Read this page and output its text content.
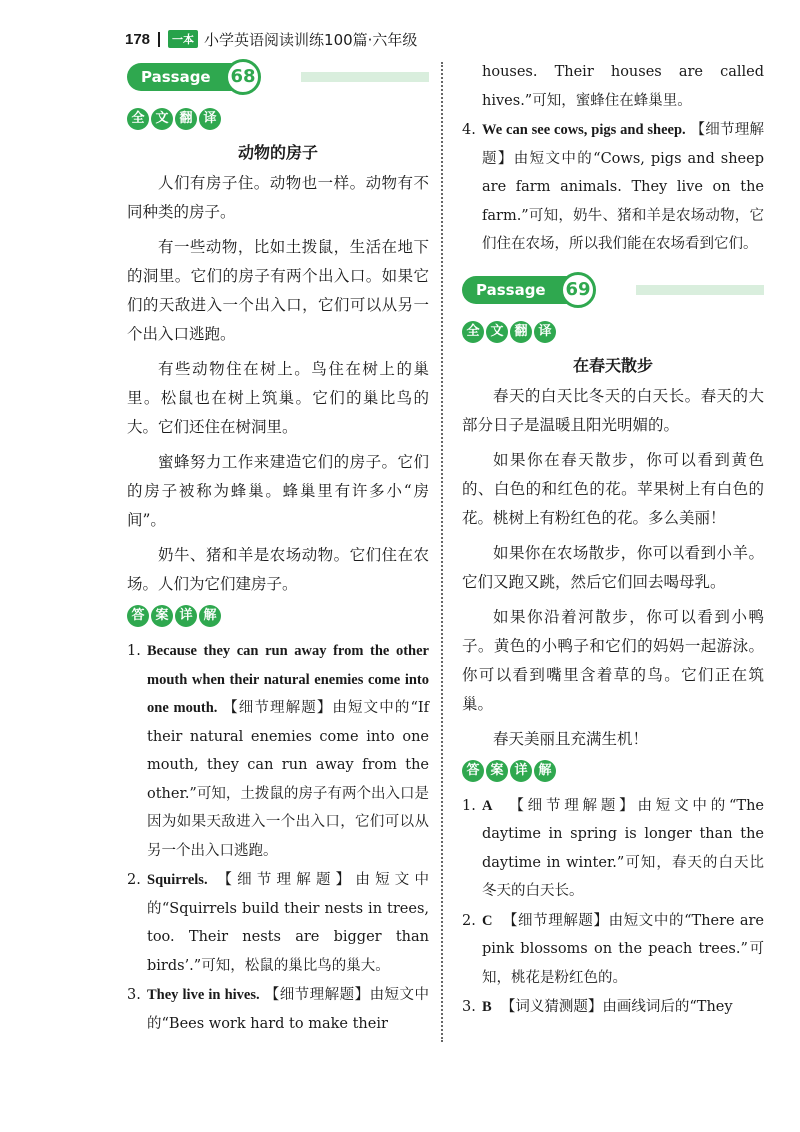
178	一本 小学英语阅读训练100篇·六年级
Passage	68
全 文 翻 译
动物的房子

人们有房子住。动物也一样。动物有不同种类的房子。

有一些动物，比如土拨鼠，生活在地下的洞里。它们的房子有两个出入口。如果它们的天敌进入一个出入口，它们可以从另一个出入口逃跑。

有些动物住在树上。鸟住在树上的巢里。松鼠也在树上筑巢。它们的巢比鸟的大。它们还住在树洞里。

蜜蜂努力工作来建造它们的房子。它们的房子被称为蜂巢。蜂巢里有许多小“房间”。

奶牛、猪和羊是农场动物。它们住在农场。人们为它们建房子。

答 案 详 解
1. Because they can run away from the other mouth when their natural enemies come into one mouth. 【细节理解题】由短文中的“If their natural enemies come into one mouth, they can run away from the other.”可知，土拨鼠的房子有两个出入口是因为如果天敌进入一个出入口，它们可以从另一个出入口逃跑。
2. Squirrels. 【细节理解题】由短文中的“Squirrels build their nests in trees, too. Their nests are bigger than birds’.”可知，松鼠的巢比鸟的巢大。
3. They live in hives. 【细节理解题】由短文中的“Bees work hard to make their
houses. Their houses are called hives.”可知，蜜蜂住在蜂巢里。
4. We can see cows, pigs and sheep. 【细节理解题】由短文中的“Cows, pigs and sheep are farm animals. They live on the farm.”可知，奶牛、猪和羊是农场动物，它们住在农场，所以我们能在农场看到它们。
Passage	69
全 文 翻 译
在春天散步

春天的白天比冬天的白天长。春天的大部分日子是温暖且阳光明媚的。

如果你在春天散步，你可以看到黄色的、白色的和红色的花。苹果树上有白色的花。桃树上有粉红色的花。多么美丽！

如果你在农场散步，你可以看到小羊。它们又跑又跳，然后它们回去喝母乳。

如果你沿着河散步，你可以看到小鸭子。黄色的小鸭子和它们的妈妈一起游泳。你可以看到嘴里含着草的鸟。它们正在筑巢。

春天美丽且充满生机！

答 案 详 解
1. A 【细节理解题】由短文中的“The daytime in spring is longer than the daytime in winter.”可知，春天的白天比冬天的白天长。
2. C 【细节理解题】由短文中的“There are pink blossoms on the peach trees.”可知，桃花是粉红色的。
3. B 【词义猜测题】由画线词后的“They
